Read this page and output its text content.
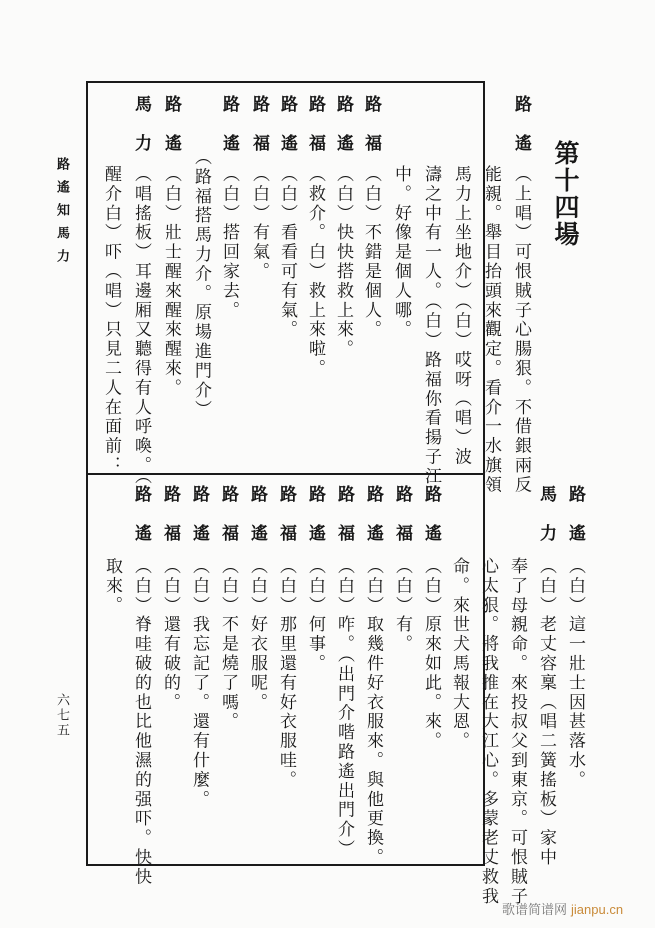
路遙知馬力
六七五
第十四場
路遙
（上唱）可恨賊子心腸狠。不借銀兩反
能親。舉目抬頭來觀定。看介一水旗領
馬力上坐地介）（白）哎呀（唱）波
濤之中有一人。（白）路福你看揚子江
中。好像是個人哪。
路福
（白）不錯是個人。
路遙
（白）快快搭救上來。
路福
（救介。白）救上來啦。
路遙
（白）看看可有氣。
路福
（白）有氣。
路遙
（白）搭回家去。
（路福搭馬力介。原場進門介）
路遙
（白）壯士醒來醒來醒來。
馬力
（唱搖板）耳邊厢又聽得有人呼喚。（
醒介白）吓（唱）只見二人在面前：
路遙
（白）這一壯士因甚落水。
馬力
（白）老丈容稟（唱二簧搖板）家中
奉了母親命。來投叔父到東京。可恨賊子
心太狠。將我推在大江心。多蒙老丈救我
命。來世犬馬報大恩。
路遙
（白）原來如此。來。
路福
（白）有。
路遙
（白）取幾件好衣服來。與他更換。
路福
（白）咋。（出門介喈路遙出門介）
路遙
（白）何事。
路福
（白）那里還有好衣服哇。
路遙
（白）好衣服呢。
路福
（白）不是燒了嗎。
路遙
（白）我忘記了。還有什麼。
路福
（白）還有破的。
路遙
（白）脊哇破的也比他濕的强吓。快快
取來。
歌谱简谱网 jianpu.cn
